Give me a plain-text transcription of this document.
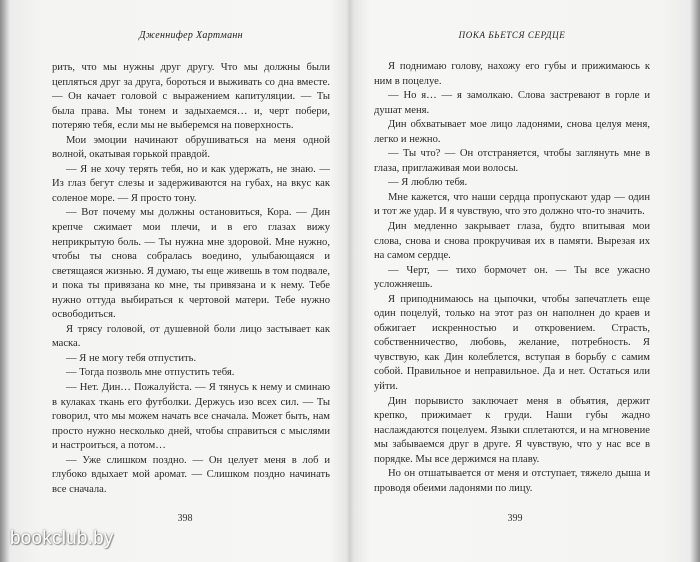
Дженнифер Хартманн

рить, что мы нужны друг другу. Что мы должны были цепляться друг за друга, бороться и выживать со дна вместе. — Он качает головой с выражением капитуляции. — Ты была права. Мы тонем и задыхаемся… и, черт побери, потеряю тебя, если мы не выберемся на поверхность.

Мои эмоции начинают обрушиваться на меня одной волной, окатывая горькой правдой.

— Я не хочу терять тебя, но и как удержать, не знаю. — Из глаз бегут слезы и задерживаются на губах, на вкус как соленое море. — Я просто тону.

— Вот почему мы должны остановиться, Кора. — Дин крепче сжимает мои плечи, и в его глазах вижу неприкрытую боль. — Ты нужна мне здоровой. Мне нужно, чтобы ты снова собралась воедино, улыбающаяся и светящаяся жизнью. Я думаю, ты еще живешь в том подвале, и пока ты привязана ко мне, ты привязана и к нему. Тебе нужно оттуда выбираться к чертовой матери. Тебе нужно освободиться.

Я трясу головой, от душевной боли лицо застывает как маска.

— Я не могу тебя отпустить.

— Тогда позволь мне отпустить тебя.

— Нет. Дин… Пожалуйста. — Я тянусь к нему и сминаю в кулаках ткань его футболки. Держусь изо всех сил. — Ты говорил, что мы можем начать все сначала. Может быть, нам просто нужно несколько дней, чтобы справиться с мыслями и настроиться, а потом…

— Уже слишком поздно. — Он целует меня в лоб и глубоко вдыхает мой аромат. — Слишком поздно начинать все сначала.

398
ПОКА БЬЕТСЯ СЕРДЦЕ

Я поднимаю голову, нахожу его губы и прижимаюсь к ним в поцелуе.

— Но я… — я замолкаю. Слова застревают в горле и душат меня.

Дин обхватывает мое лицо ладонями, снова целуя меня, легко и нежно.

— Ты что? — Он отстраняется, чтобы заглянуть мне в глаза, приглаживая мои волосы.

— Я люблю тебя.

Мне кажется, что наши сердца пропускают удар — один и тот же удар. И я чувствую, что это должно что-то значить.

Дин медленно закрывает глаза, будто впитывая мои слова, снова и снова прокручивая их в памяти. Вырезая их на самом сердце.

— Черт, — тихо бормочет он. — Ты все ужасно усложняешь.

Я приподнимаюсь на цыпочки, чтобы запечатлеть еще один поцелуй, только на этот раз он наполнен до краев и обжигает искренностью и откровением. Страсть, собственничество, любовь, желание, потребность. Я чувствую, как Дин колеблется, вступая в борьбу с самим собой. Правильное и неправильное. Да и нет. Остаться или уйти.

Дин порывисто заключает меня в объятия, держит крепко, прижимает к груди. Наши губы жадно наслаждаются поцелуем. Языки сплетаются, и на мгновение мы забываемся друг в друге. Я чувствую, что у нас все в порядке. Мы все держимся на плаву.

Но он отшатывается от меня и отступает, тяжело дыша и проводя обеими ладонями по лицу.

399
bookclub.by
